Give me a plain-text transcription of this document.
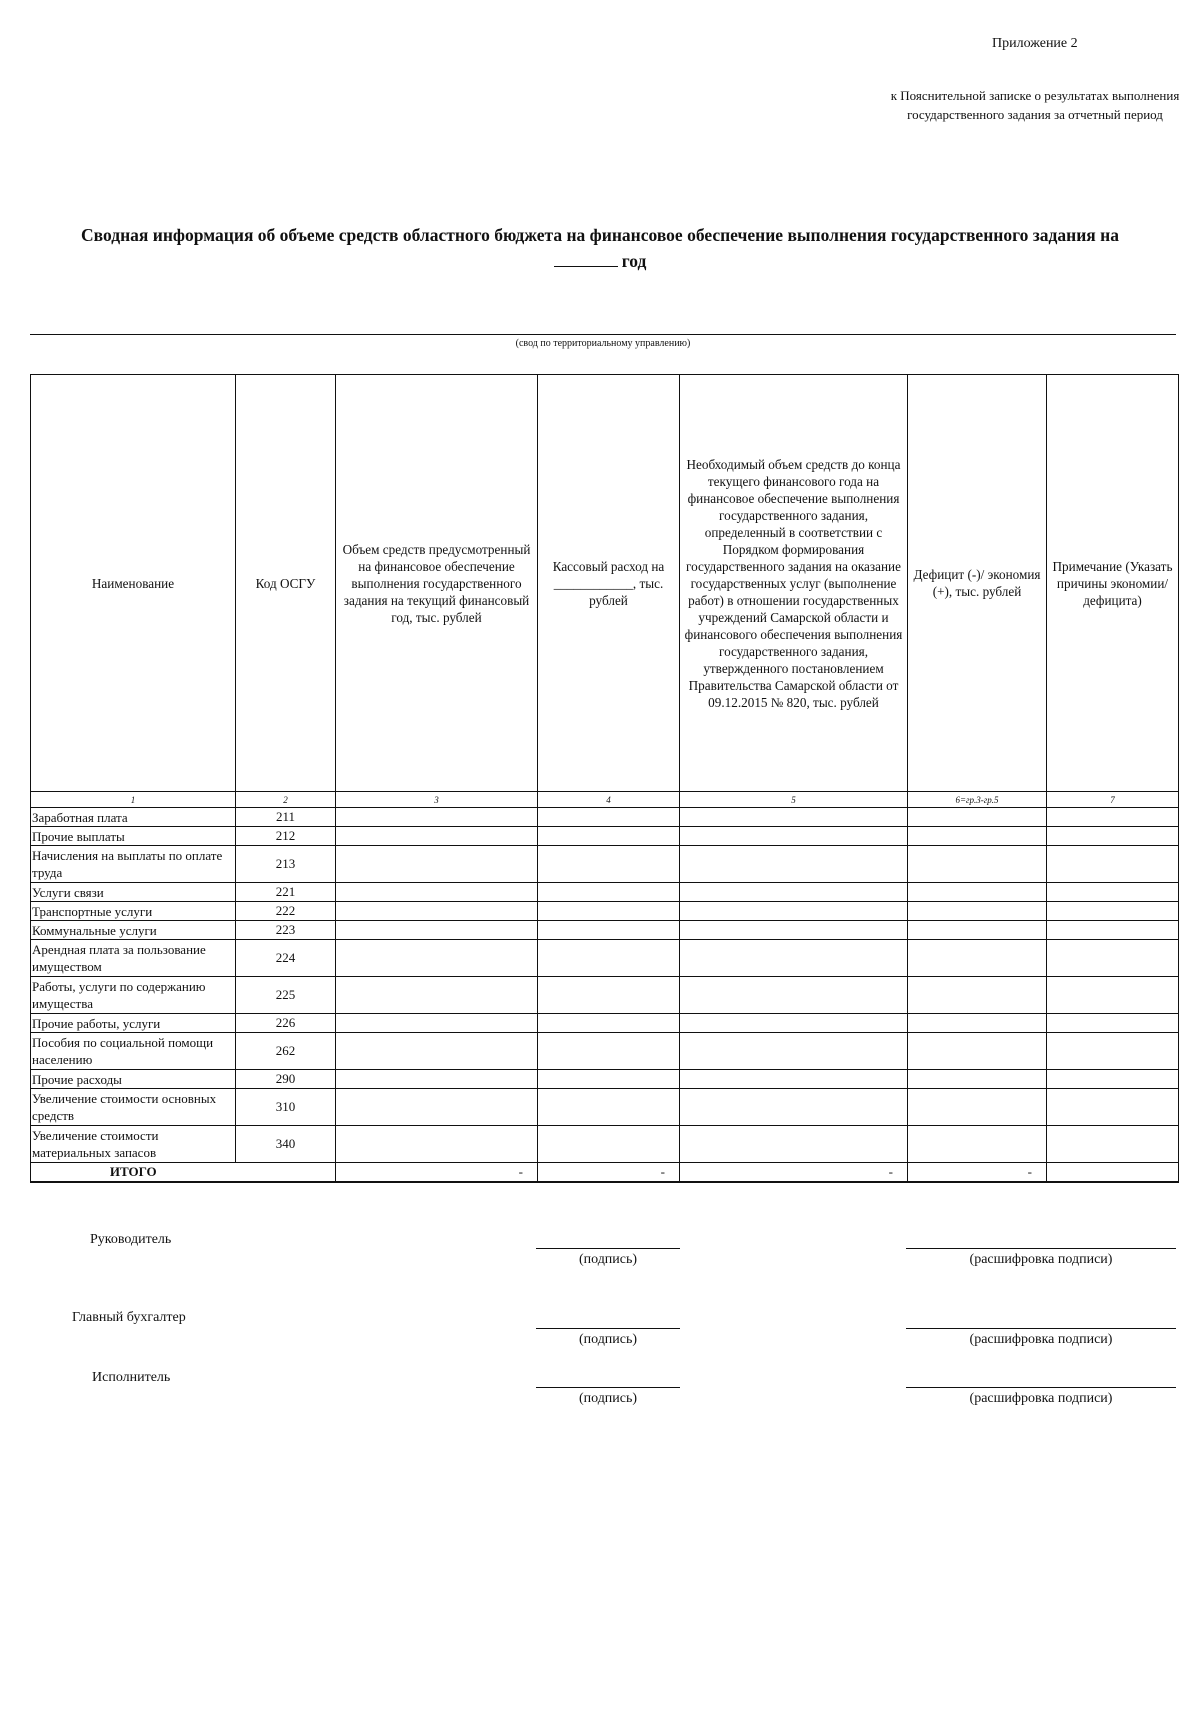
Приложение 2
к Пояснительной записке о результатах выполнения государственного задания за отчетный период
Сводная информация об объеме средств областного бюджета на финансовое обеспечение выполнения государственного задания на
год
(свод по территориальному управлению)
Наименование	Код ОСГУ	Объем средств предусмотренный на финансовое обеспечение выполнения государственного задания на текущий финансовый год, тыс. рублей	Кассовый расход на ____________, тыс. рублей	Необходимый объем средств до конца текущего финансового года на финансовое обеспечение выполнения государственного задания, определенный в соответствии с Порядком формирования государственного задания на оказание государственных услуг (выполнение работ) в отношении государственных учреждений Самарской области и финансового обеспечения выполнения государственного задания, утвержденного постановлением Правительства Самарской области от 09.12.2015 № 820, тыс. рублей	Дефицит (-)/ экономия (+), тыс. рублей	Примечание (Указать причины экономии/дефицита)
1	2	3	4	5	6=гр.3-гр.5	7
Заработная плата	211					
Прочие выплаты	212					
Начисления на выплаты по оплате труда	213					
Услуги связи	221					
Транспортные услуги	222					
Коммунальные услуги	223					
Арендная плата за пользование имуществом	224					
Работы, услуги по содержанию имущества	225					
Прочие работы, услуги	226					
Пособия по социальной помощи населению	262					
Прочие расходы	290					
Увеличение стоимости основных средств	310					
Увеличение стоимости материальных запасов	340					
ИТОГО		-	-	-	-	
Руководитель
(подпись)	(расшифровка подписи)
Главный бухгалтер
(подпись)	(расшифровка подписи)
Исполнитель
(подпись)	(расшифровка подписи)
